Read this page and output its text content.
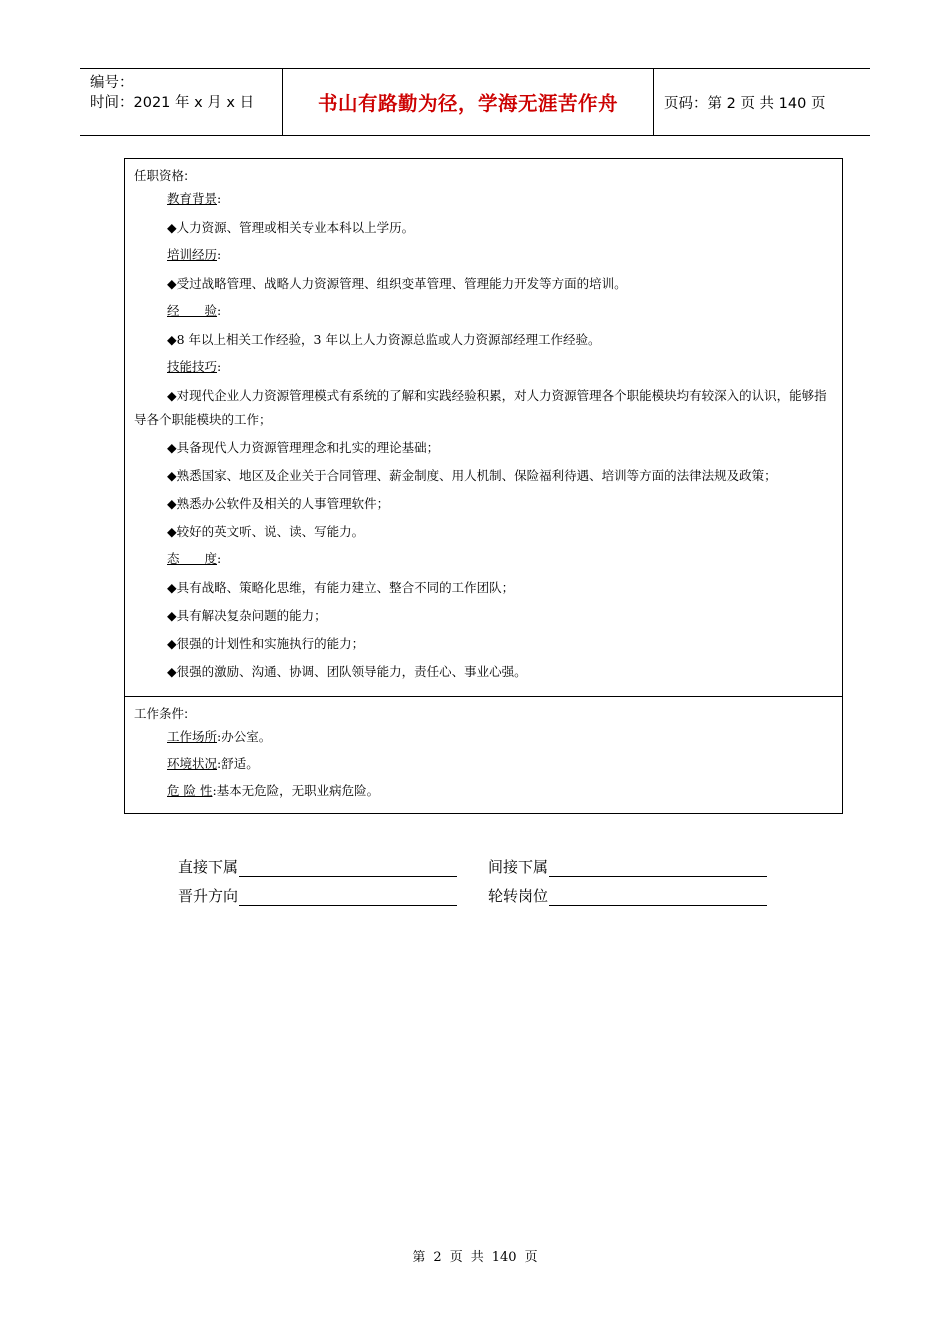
编号：
时间：2021 年 x 月 x 日	书山有路勤为径，学海无涯苦作舟	页码：第 2 页 共 140 页
任职资格:
教育背景:
◆人力资源、管理或相关专业本科以上学历。
培训经历:
◆受过战略管理、战略人力资源管理、组织变革管理、管理能力开发等方面的培训。
经　　验:
◆8 年以上相关工作经验，3 年以上人力资源总监或人力资源部经理工作经验。
技能技巧:
◆对现代企业人力资源管理模式有系统的了解和实践经验积累，对人力资源管理各个职能模块均有较深入的认识，能够指导各个职能模块的工作；
◆具备现代人力资源管理理念和扎实的理论基础；
◆熟悉国家、地区及企业关于合同管理、薪金制度、用人机制、保险福利待遇、培训等方面的法律法规及政策；
◆熟悉办公软件及相关的人事管理软件；
◆较好的英文听、说、读、写能力。
态　　度:
◆具有战略、策略化思维，有能力建立、整合不同的工作团队；
◆具有解决复杂问题的能力；
◆很强的计划性和实施执行的能力；
◆很强的激励、沟通、协调、团队领导能力，责任心、事业心强。
工作条件:
工作场所:办公室。
环境状况:舒适。
危 险 性:基本无危险，无职业病危险。
直接下属	间接下属
晋升方向	轮转岗位
第 2 页 共 140 页
